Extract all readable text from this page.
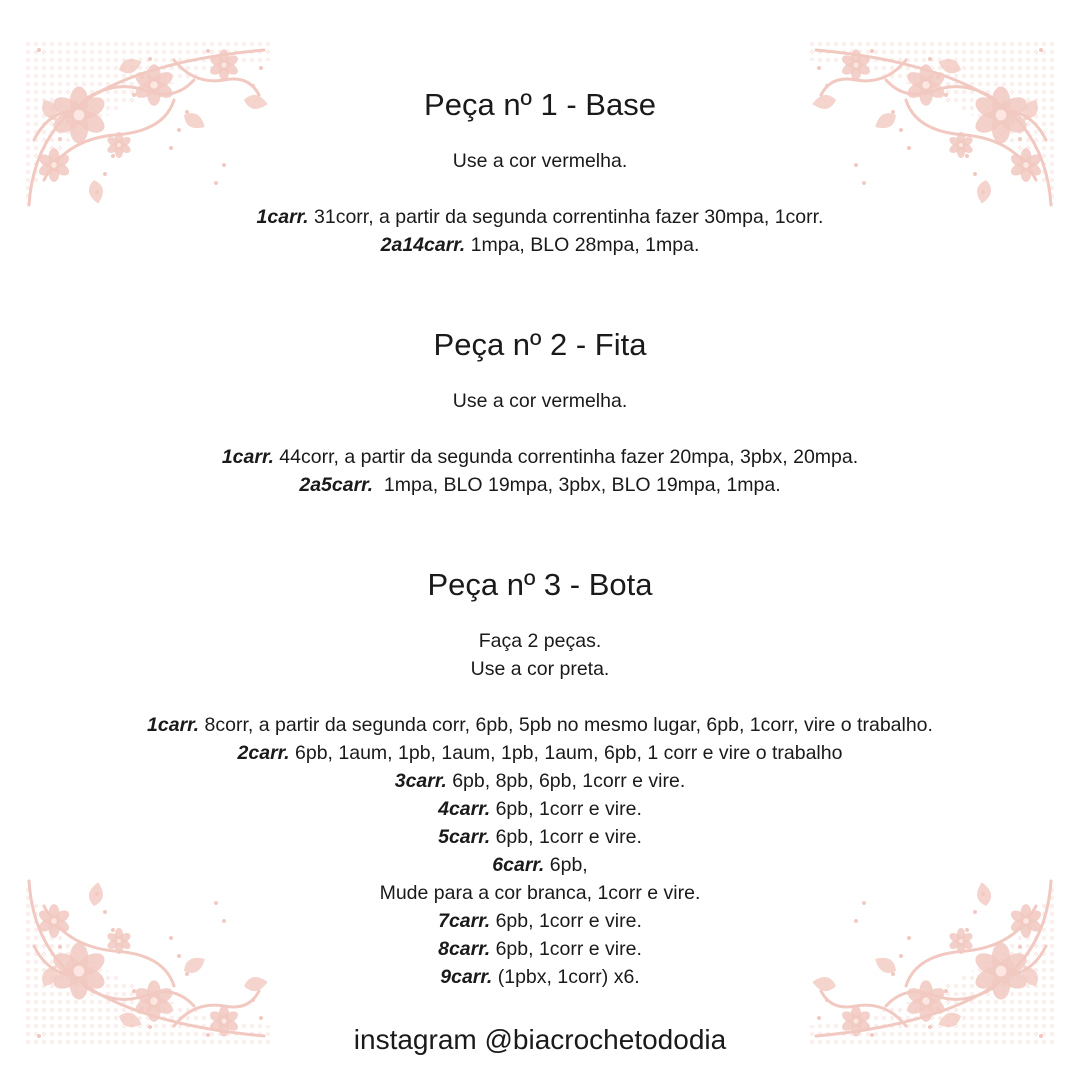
Peça nº 1 - Base

Use a cor vermelha.

1carr. 31corr, a partir da segunda correntinha fazer 30mpa, 1corr.

2a14carr. 1mpa, BLO 28mpa, 1mpa.

Peça nº 2 - Fita

Use a cor vermelha.

1carr. 44corr, a partir da segunda correntinha fazer 20mpa, 3pbx, 20mpa.

2a5carr.  1mpa, BLO 19mpa, 3pbx, BLO 19mpa, 1mpa.

Peça nº 3 - Bota

Faça 2 peças.

Use a cor preta.

1carr. 8corr, a partir da segunda corr, 6pb, 5pb no mesmo lugar, 6pb, 1corr, vire o trabalho.

2carr. 6pb, 1aum, 1pb, 1aum, 1pb, 1aum, 6pb, 1 corr e vire o trabalho

3carr. 6pb, 8pb, 6pb, 1corr e vire.

4carr. 6pb, 1corr e vire.

5carr. 6pb, 1corr e vire.

6carr. 6pb,

Mude para a cor branca, 1corr e vire.

7carr. 6pb, 1corr e vire.

8carr. 6pb, 1corr e vire.

9carr. (1pbx, 1corr) x6.

instagram @biacrochetododia
